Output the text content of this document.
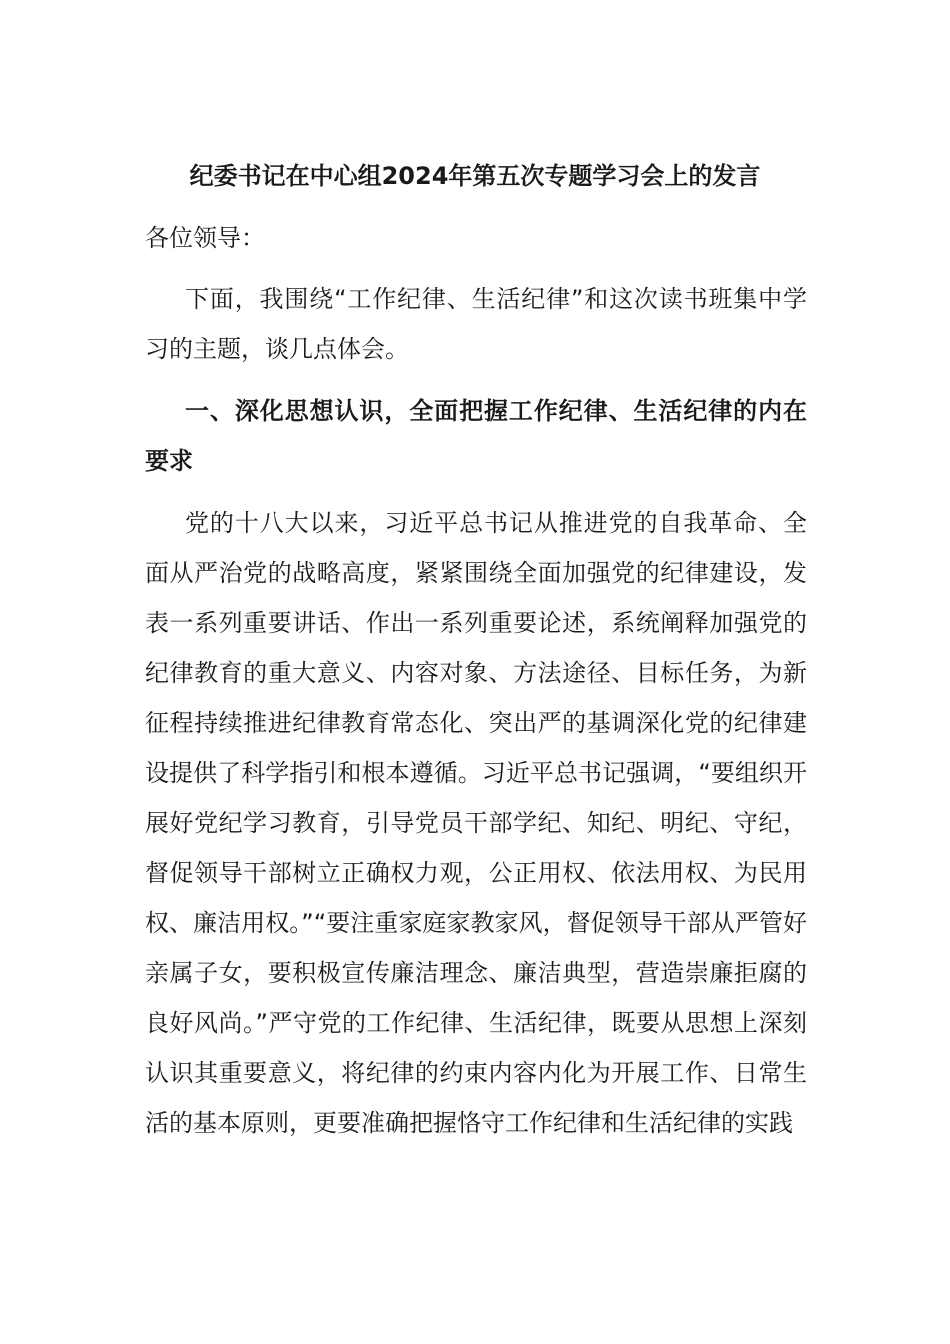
纪委书记在中心组2024年第五次专题学习会上的发言
各位领导：
下面，我围绕“工作纪律、生活纪律”和这次读书班集中学习的主题，谈几点体会。
一、深化思想认识，全面把握工作纪律、生活纪律的内在要求
党的十八大以来，习近平总书记从推进党的自我革命、全面从严治党的战略高度，紧紧围绕全面加强党的纪律建设，发表一系列重要讲话、作出一系列重要论述，系统阐释加强党的纪律教育的重大意义、内容对象、方法途径、目标任务，为新征程持续推进纪律教育常态化、突出严的基调深化党的纪律建设提供了科学指引和根本遵循。习近平总书记强调，“要组织开展好党纪学习教育，引导党员干部学纪、知纪、明纪、守纪，督促领导干部树立正确权力观，公正用权、依法用权、为民用权、廉洁用权。”“要注重家庭家教家风，督促领导干部从严管好亲属子女，要积极宣传廉洁理念、廉洁典型，营造崇廉拒腐的良好风尚。”严守党的工作纪律、生活纪律，既要从思想上深刻认识其重要意义，将纪律的约束内容内化为开展工作、日常生活的基本原则，更要准确把握恪守工作纪律和生活纪律的实践
